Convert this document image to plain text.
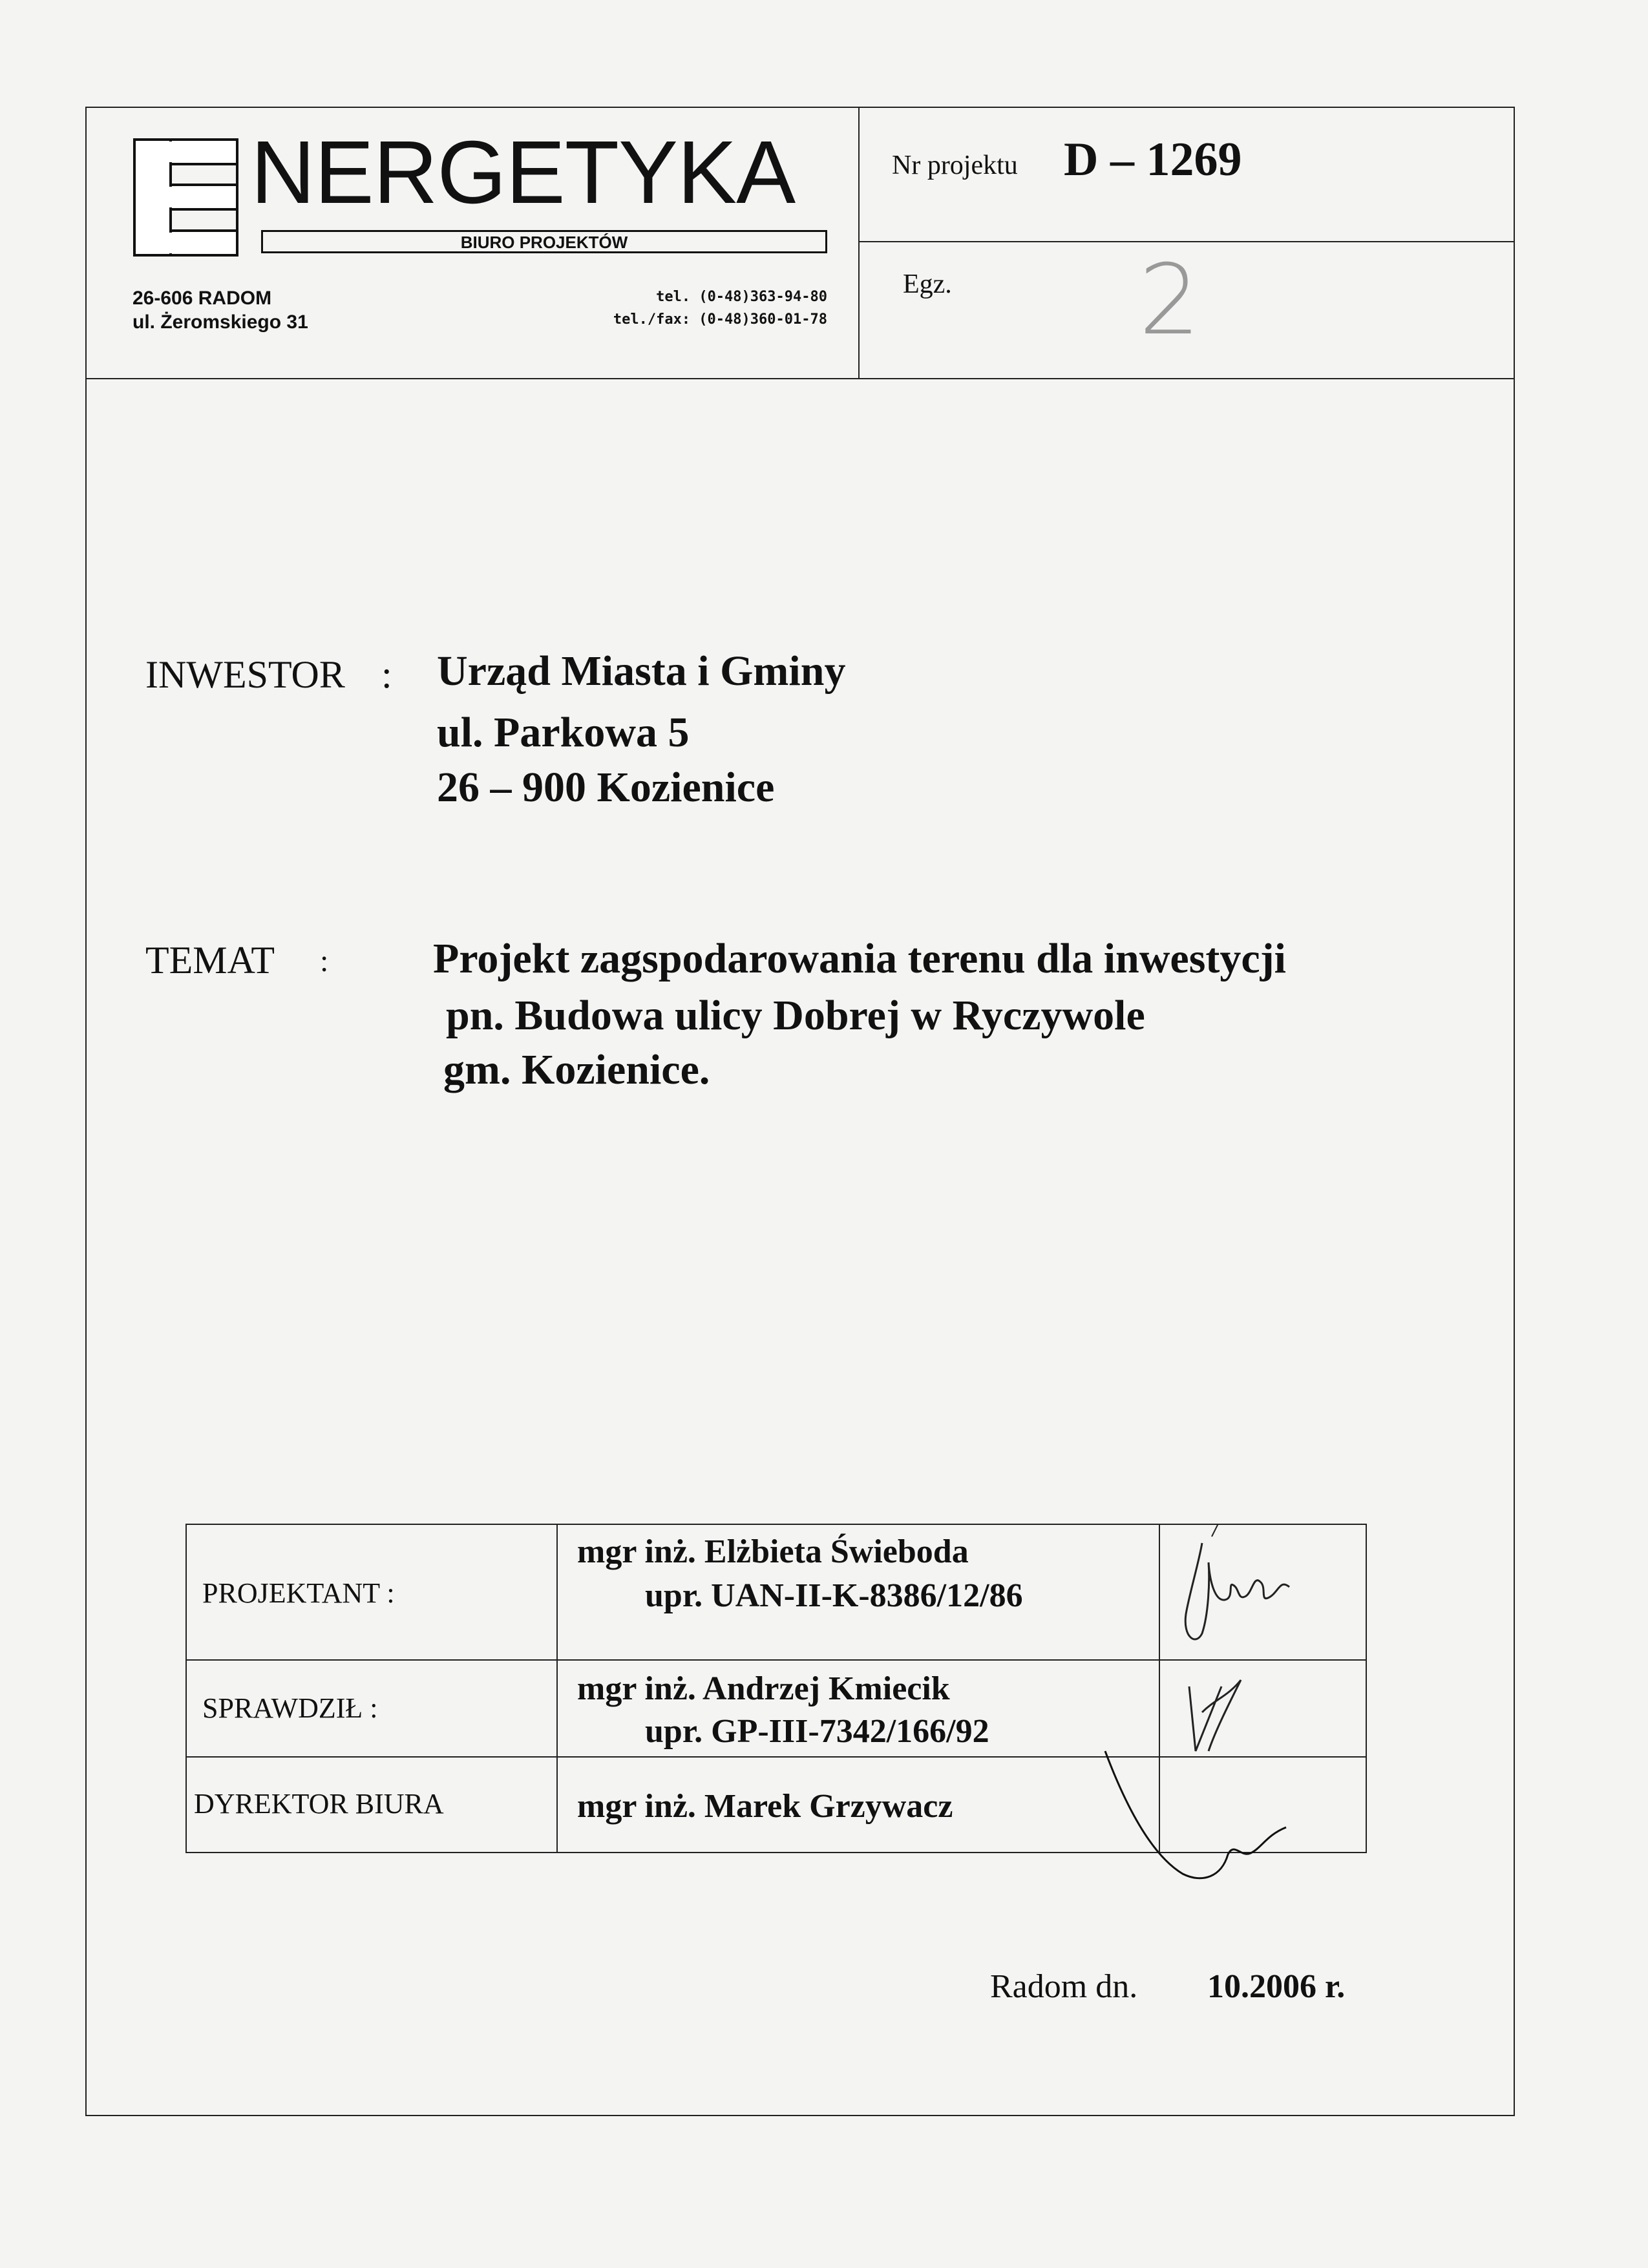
NERGETYKA
BIURO PROJEKTÓW
26-606 RADOM
ul. Żeromskiego 31
tel. (0-48)363-94-80
tel./fax: (0-48)360-01-78
Nr projektu D – 1269
Egz. 2
INWESTOR : Urząd Miasta i Gminy
ul. Parkowa 5
26 – 900 Kozienice
TEMAT : Projekt zagspodarowania terenu dla inwestycji
pn. Budowa ulicy Dobrej w Ryczywole
gm. Kozienice.
PROJEKTANT :
mgr inż. Elżbieta Świeboda
upr. UAN-II-K-8386/12/86
SPRAWDZIŁ :
mgr inż. Andrzej Kmiecik
upr. GP-III-7342/166/92
DYREKTOR BIURA	mgr inż. Marek Grzywacz
Radom dn. 10.2006 r.
